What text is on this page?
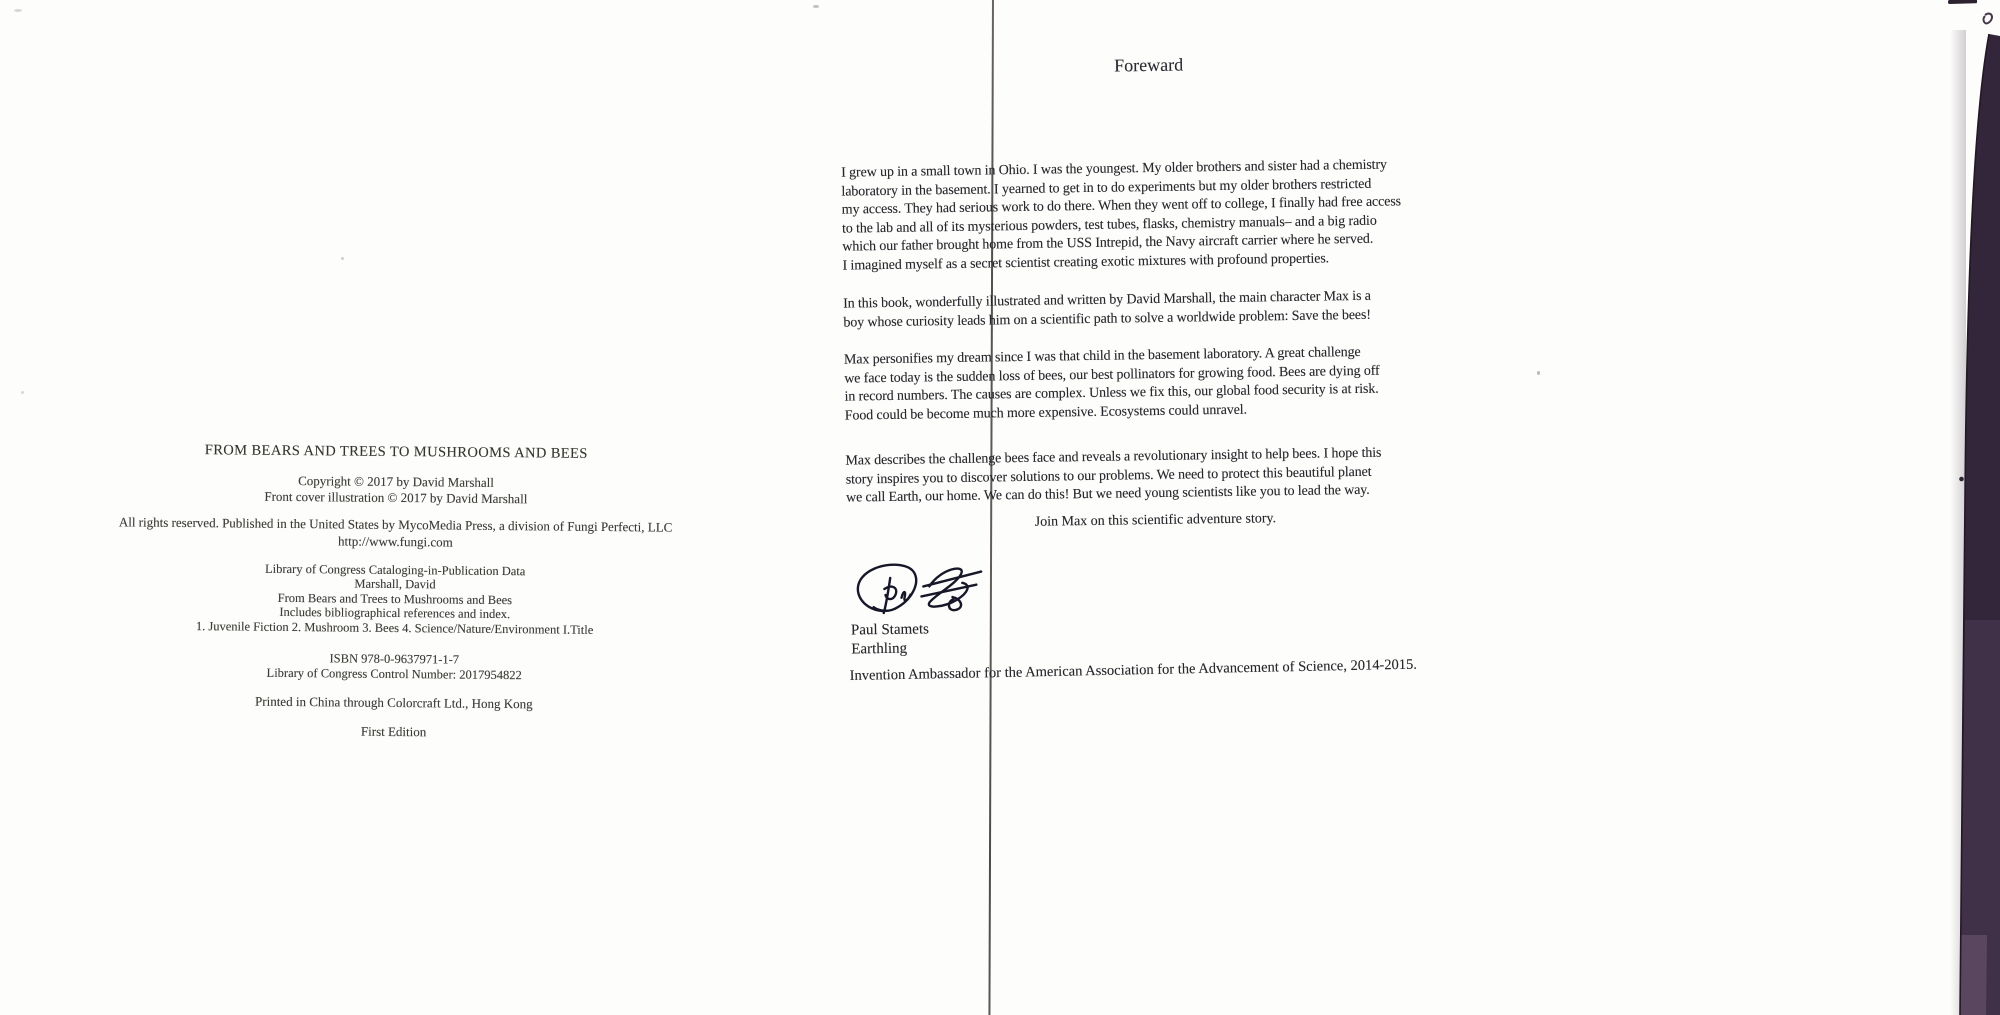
FROM BEARS AND TREES TO MUSHROOMS AND BEES
Copyright © 2017 by David Marshall
Front cover illustration © 2017 by David Marshall
All rights reserved. Published in the United States by MycoMedia Press, a division of Fungi Perfecti, LLC
http://www.fungi.com
Library of Congress Cataloging-in-Publication Data
Marshall, David
From Bears and Trees to Mushrooms and Bees
Includes bibliographical references and index.
1. Juvenile Fiction 2. Mushroom 3. Bees 4. Science/Nature/Environment I.Title
ISBN 978-0-9637971-1-7
Library of Congress Control Number: 2017954822
Printed in China through Colorcraft Ltd., Hong Kong
First Edition
Foreward
I grew up in a small town in Ohio. I was the youngest. My older brothers and sister had a chemistry
laboratory in the basement. I yearned to get in to do experiments but my older brothers restricted
my access. They had serious work to do there. When they went off to college, I finally had free access
to the lab and all of its mysterious powders, test tubes, flasks, chemistry manuals– and a big radio
which our father brought home from the USS Intrepid, the Navy aircraft carrier where he served.
I imagined myself as a secret scientist creating exotic mixtures with profound properties.
In this book, wonderfully illustrated and written by David Marshall, the main character Max is a
boy whose curiosity leads him on a scientific path to solve a worldwide problem: Save the bees!
Max personifies my dream since I was that child in the basement laboratory. A great challenge
we face today is the sudden loss of bees, our best pollinators for growing food. Bees are dying off
in record numbers. The causes are complex. Unless we fix this, our global food security is at risk.
Food could be become much more expensive. Ecosystems could unravel.
Max describes the challenge bees face and reveals a revolutionary insight to help bees. I hope this
story inspires you to discover solutions to our problems. We need to protect this beautiful planet
we call Earth, our home. We can do this! But we need young scientists like you to lead the way.
Join Max on this scientific adventure story.
Paul Stamets
Earthling
Invention Ambassador for the American Association for the Advancement of Science, 2014-2015.
